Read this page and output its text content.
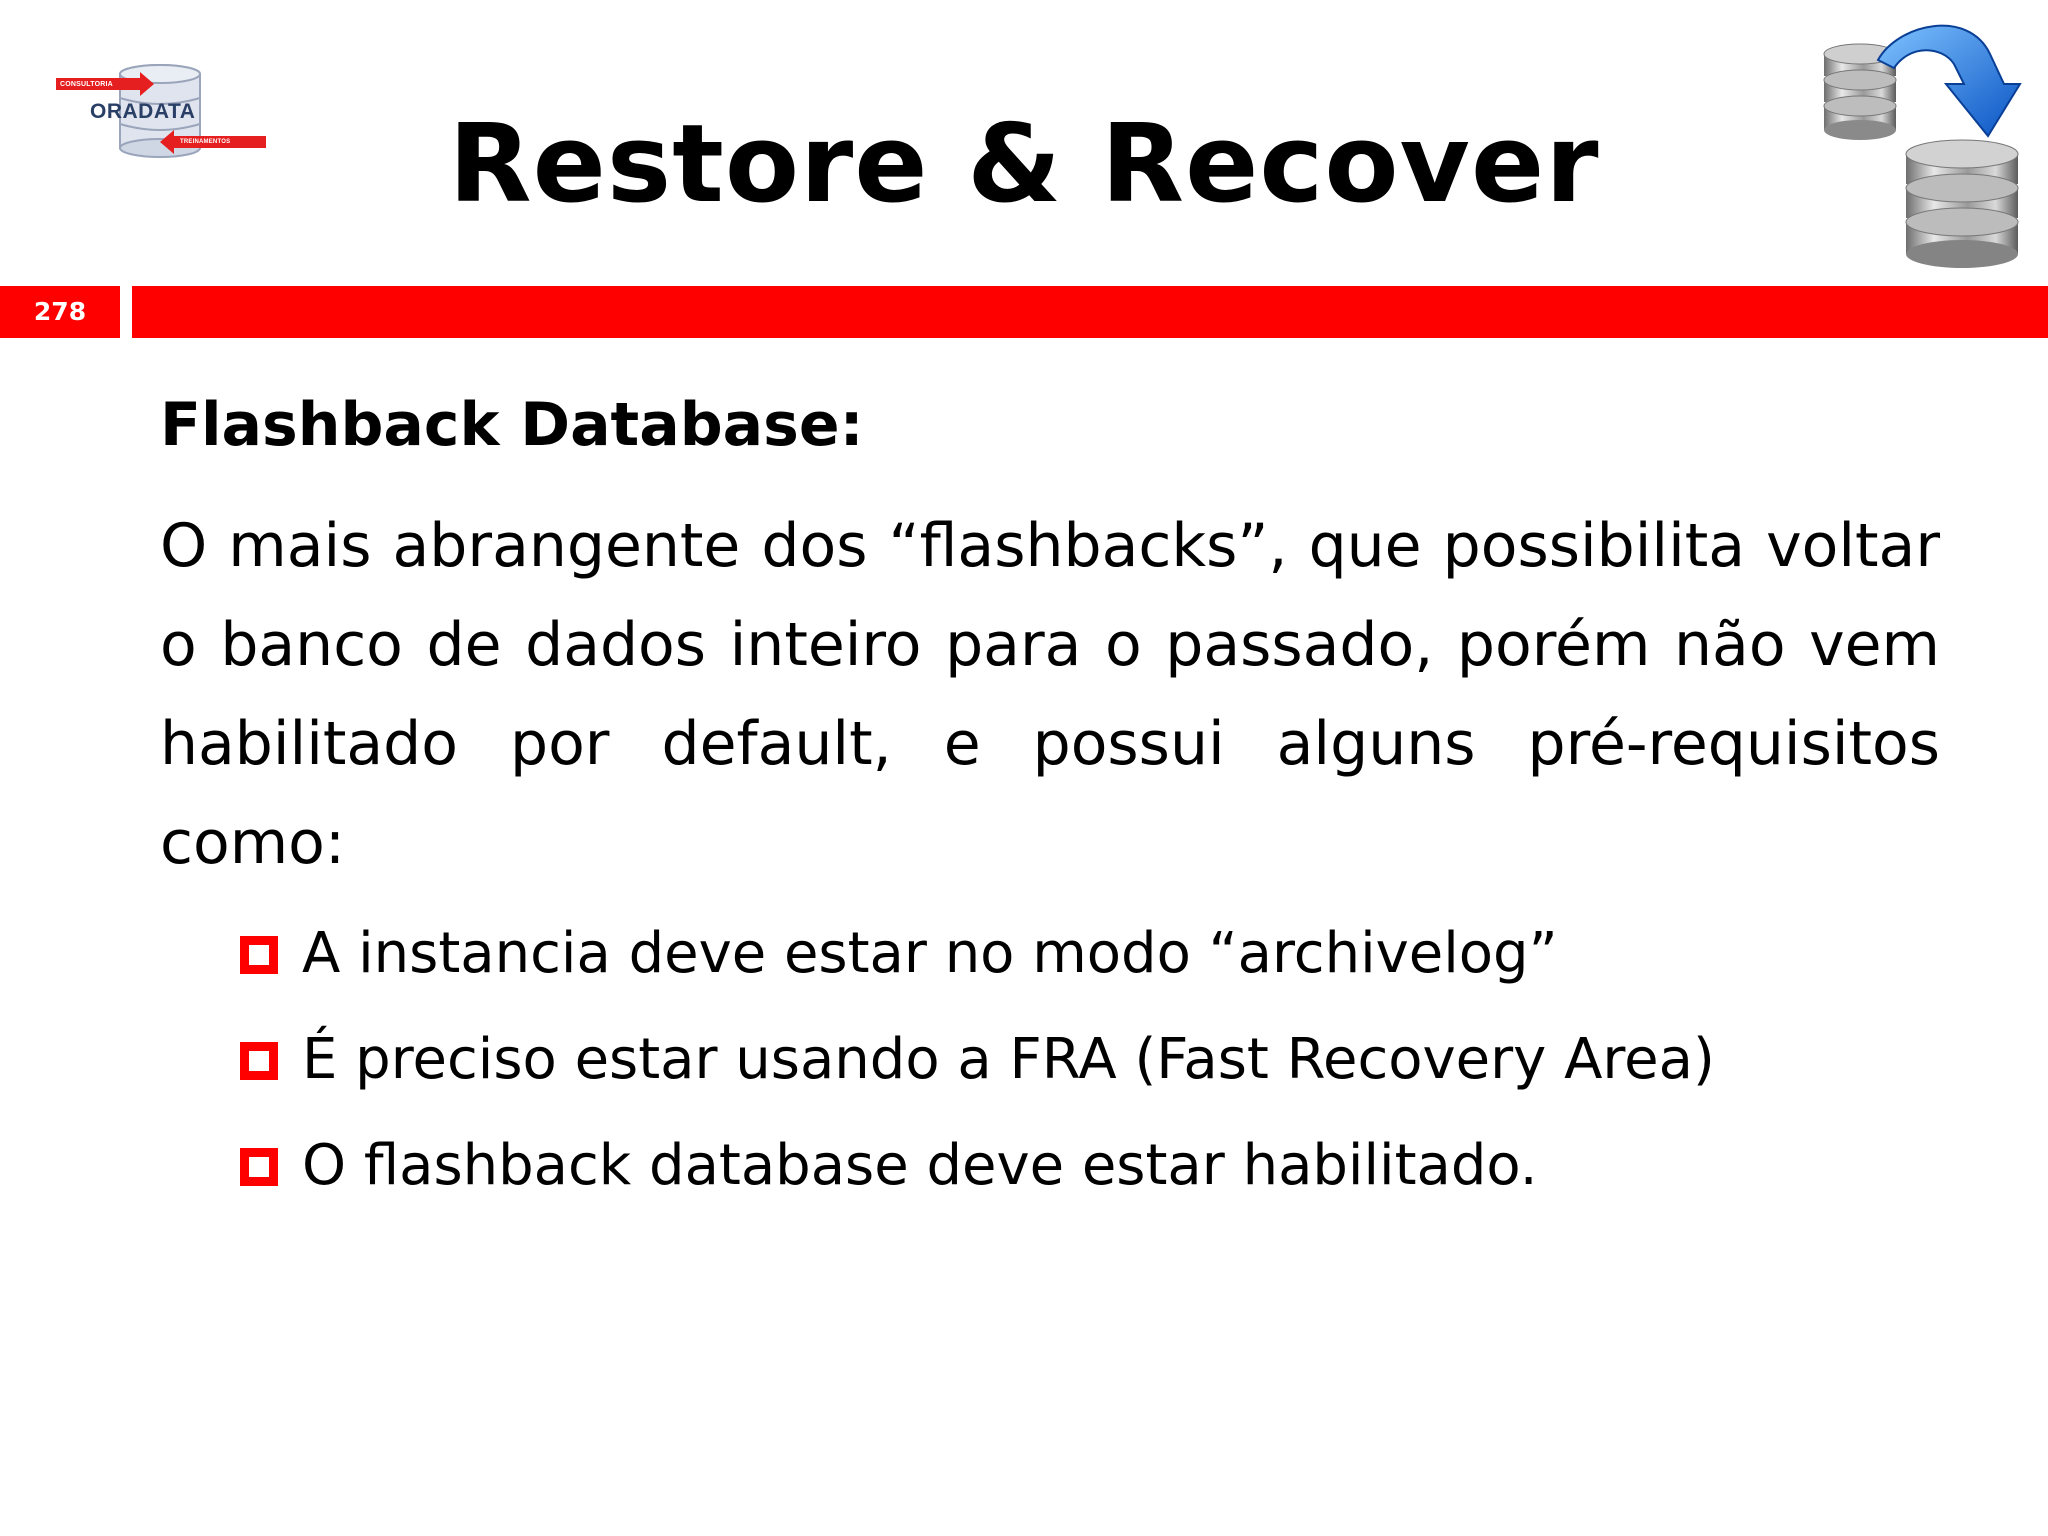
CONSULTORIA
ORADATA
TREINAMENTOS	Restore & Recover
278
Flashback Database:
O mais abrangente dos “flashbacks”, que possibilita voltar o banco de dados inteiro para o passado, porém não vem habilitado por default, e possui alguns pré-requisitos como:
A instancia deve estar no modo “archivelog”
É preciso estar usando a FRA (Fast Recovery Area)
O flashback database deve estar habilitado.
